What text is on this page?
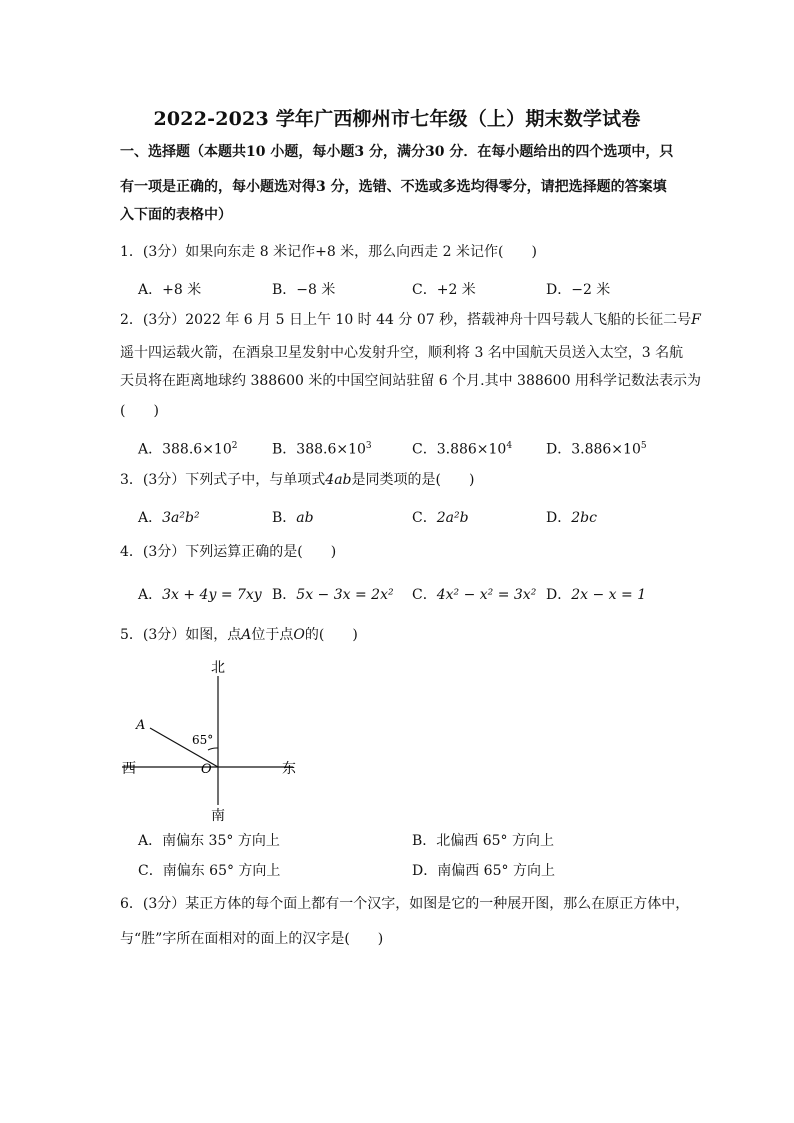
2022-2023 学年广西柳州市七年级（上）期末数学试卷
一、选择题（本题共10 小题，每小题3 分，满分30 分．在每小题给出的四个选项中，只
有一项是正确的，每小题选对得3 分，选错、不选或多选均得零分，请把选择题的答案填
入下面的表格中）
1．(3分）如果向东走 8 米记作+8 米，那么向西走 2 米记作(　　)
A．+8 米	B．−8 米	C．+2 米	D．−2 米
2．(3分）2022 年 6 月 5 日上午 10 时 44 分 07 秒，搭载神舟十四号载人飞船的长征二号F
遥十四运载火箭，在酒泉卫星发射中心发射升空，顺利将 3 名中国航天员送入太空，3 名航
天员将在距离地球约 388600 米的中国空间站驻留 6 个月.其中 388600 用科学记数法表示为
(　　)
A．$388.6\times 10^2$ B．$388.6\times 10^3$	C．$3.886\times 10^4$ D．$3.886\times 10^5$
3．(3分）下列式子中，与单项式4ab是同类项的是(　　)
A．3a²b²	B．ab	C．2a²b	D．2bc
4．(3分）下列运算正确的是(　　)
A．3x + 4y = 7xy B．5x − 3x = 2x² C．4x² − x² = 3x² D．2x − x = 1
5．(3分）如图，点A位于点O的(　　)
北
南
东
西
A
O
65°
A．南偏东 35° 方向上	B．北偏西 65° 方向上
C．南偏东 65° 方向上	D．南偏西 65° 方向上
6．(3分）某正方体的每个面上都有一个汉字，如图是它的一种展开图，那么在原正方体中，
与“胜”字所在面相对的面上的汉字是(　　)
